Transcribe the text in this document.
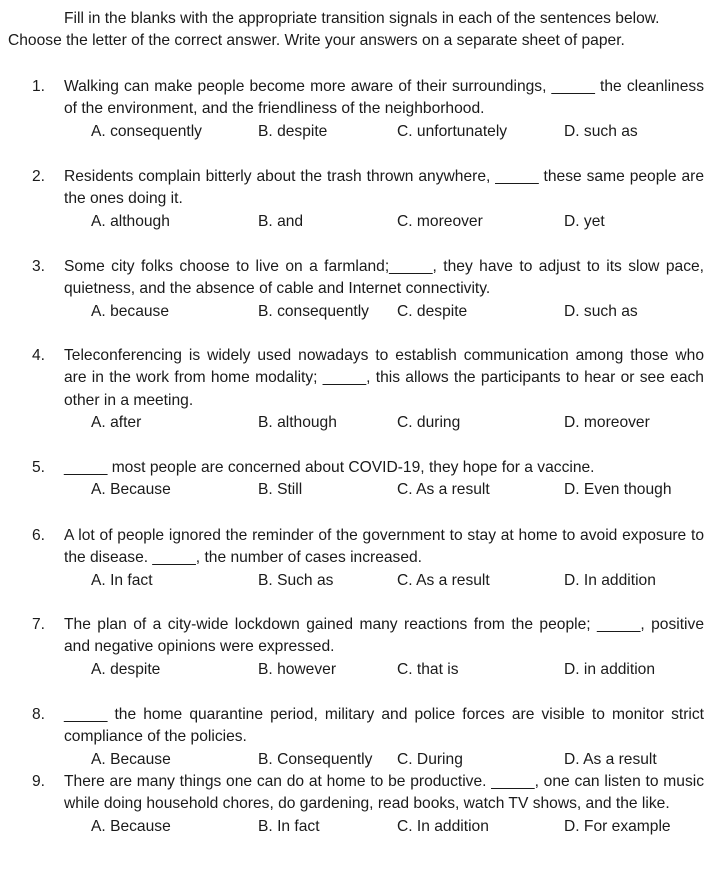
Fill in the blanks with the appropriate transition signals in each of the sentences below.
Choose the letter of the correct answer. Write your answers on a separate sheet of paper.
1. Walking can make people become more aware of their surroundings, _____ the cleanliness of the environment, and the friendliness of the neighborhood.
A. consequently	B. despite	C. unfortunately	D. such as
2. Residents complain bitterly about the trash thrown anywhere, _____ these same people are the ones doing it.
A. although	B. and	C. moreover	D. yet
3. Some city folks choose to live on a farmland;_____, they have to adjust to its slow pace, quietness, and the absence of cable and Internet connectivity.
A. because	B. consequently C. despite	D. such as
4. Teleconferencing is widely used nowadays to establish communication among those who are in the work from home modality; _____, this allows the participants to hear or see each other in a meeting.
A. after	B. although	C. during	D. moreover
5. _____ most people are concerned about COVID-19, they hope for a vaccine.
A. Because	B. Still	C. As a result	D. Even though
6. A lot of people ignored the reminder of the government to stay at home to avoid exposure to the disease. _____, the number of cases increased.
A. In fact	B. Such as	C. As a result	D. In addition
7. The plan of a city-wide lockdown gained many reactions from the people; _____, positive and negative opinions were expressed.
A. despite	B. however	C. that is	D. in addition
8. _____ the home quarantine period, military and police forces are visible to monitor strict compliance of the policies.
A. Because	B. Consequently C. During	D. As a result
9. There are many things one can do at home to be productive. _____, one can listen to music while doing household chores, do gardening, read books, watch TV shows, and the like.
A. Because	B. In fact	C. In addition	D. For example
